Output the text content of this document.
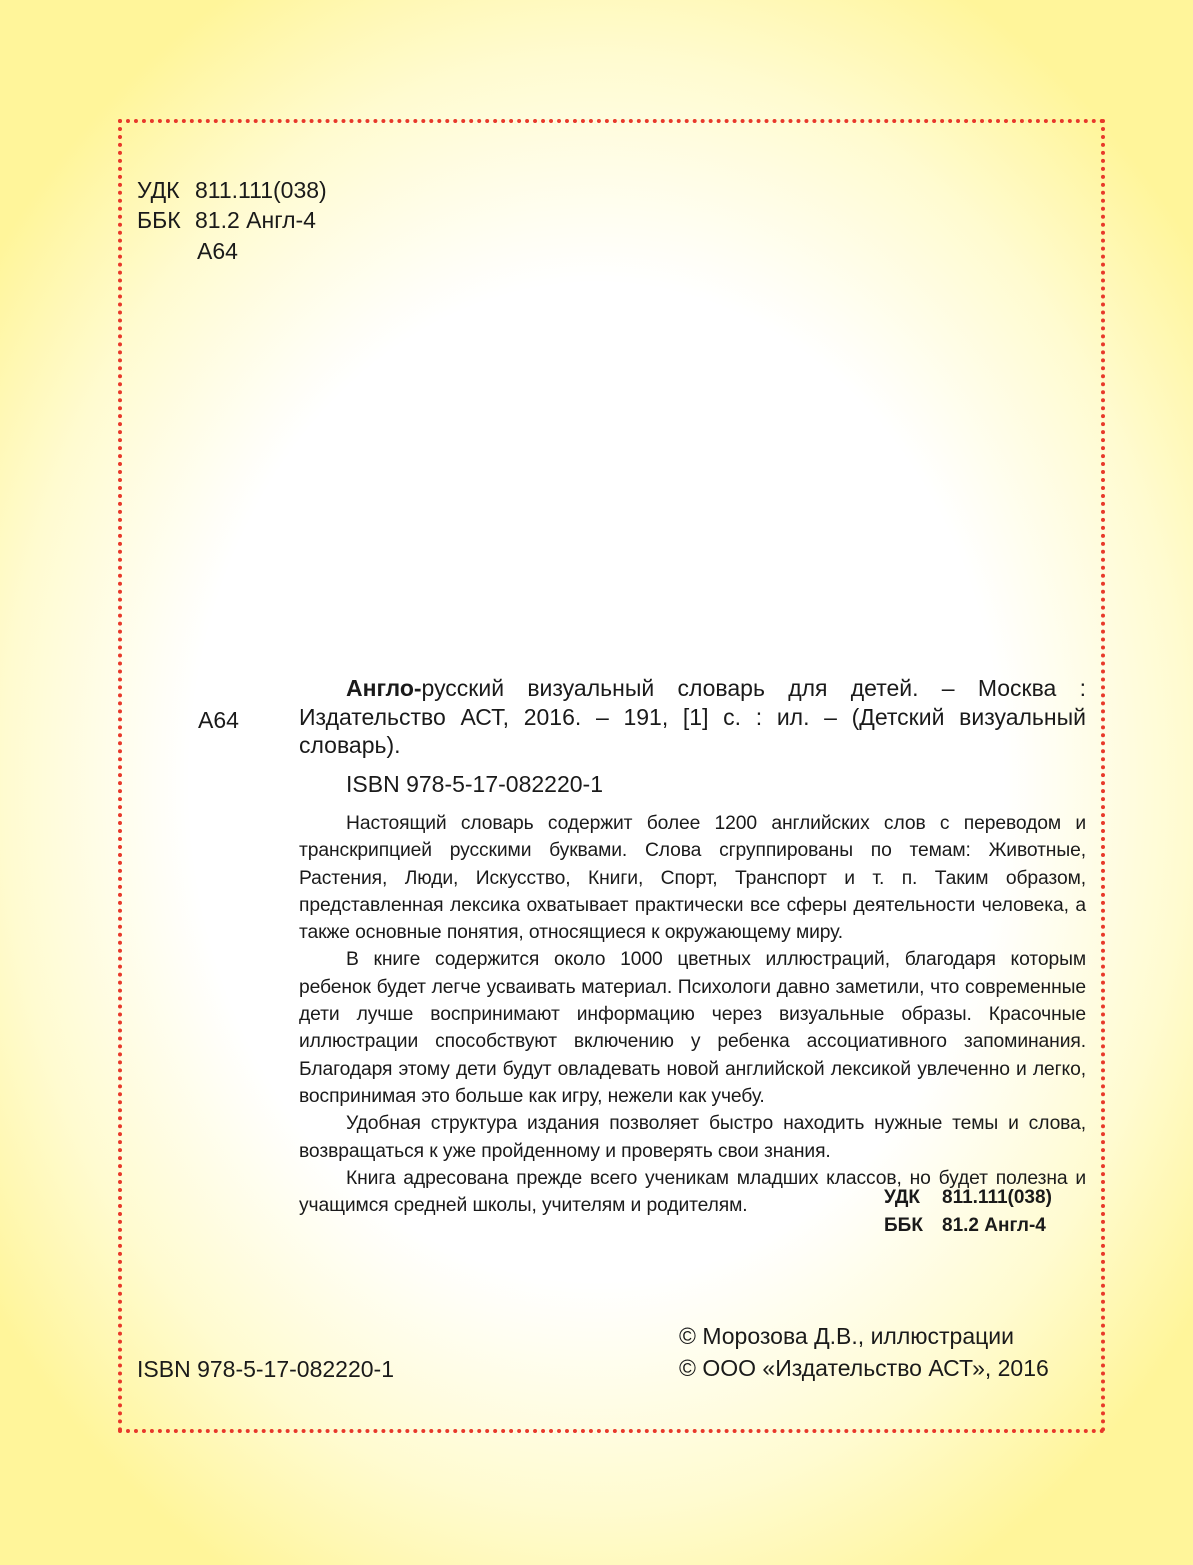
УДК 811.111(038)
ББК 81.2 Англ-4
А64
А64

Англо-русский визуальный словарь для детей. – Москва : Издательство АСТ, 2016. – 191, [1] с. : ил. – (Детский визуальный словарь).

ISBN 978-5-17-082220-1

Настоящий словарь содержит более 1200 английских слов с переводом и транскрипцией русскими буквами. Слова сгруппированы по темам: Животные, Растения, Люди, Искусство, Книги, Спорт, Транспорт и т. п. Таким образом, представленная лексика охватывает практически все сферы деятельности человека, а также основные понятия, относящиеся к окружающему миру.

В книге содержится около 1000 цветных иллюстраций, благодаря которым ребенок будет легче усваивать материал. Психологи давно заметили, что современные дети лучше воспринимают информацию через визуальные образы. Красочные иллюстрации способствуют включению у ребенка ассоциативного запоминания. Благодаря этому дети будут овладевать новой английской лексикой увлеченно и легко, воспринимая это больше как игру, нежели как учебу.

Удобная структура издания позволяет быстро находить нужные темы и слова, возвращаться к уже пройденному и проверять свои знания.

Книга адресована прежде всего ученикам младших классов, но будет полезна и учащимся средней школы, учителям и родителям.	УДК 811.111(038)
ББК 81.2 Англ-4
ISBN 978-5-17-082220-1
© Морозова Д.В., иллюстрации
© ООО «Издательство АСТ», 2016
